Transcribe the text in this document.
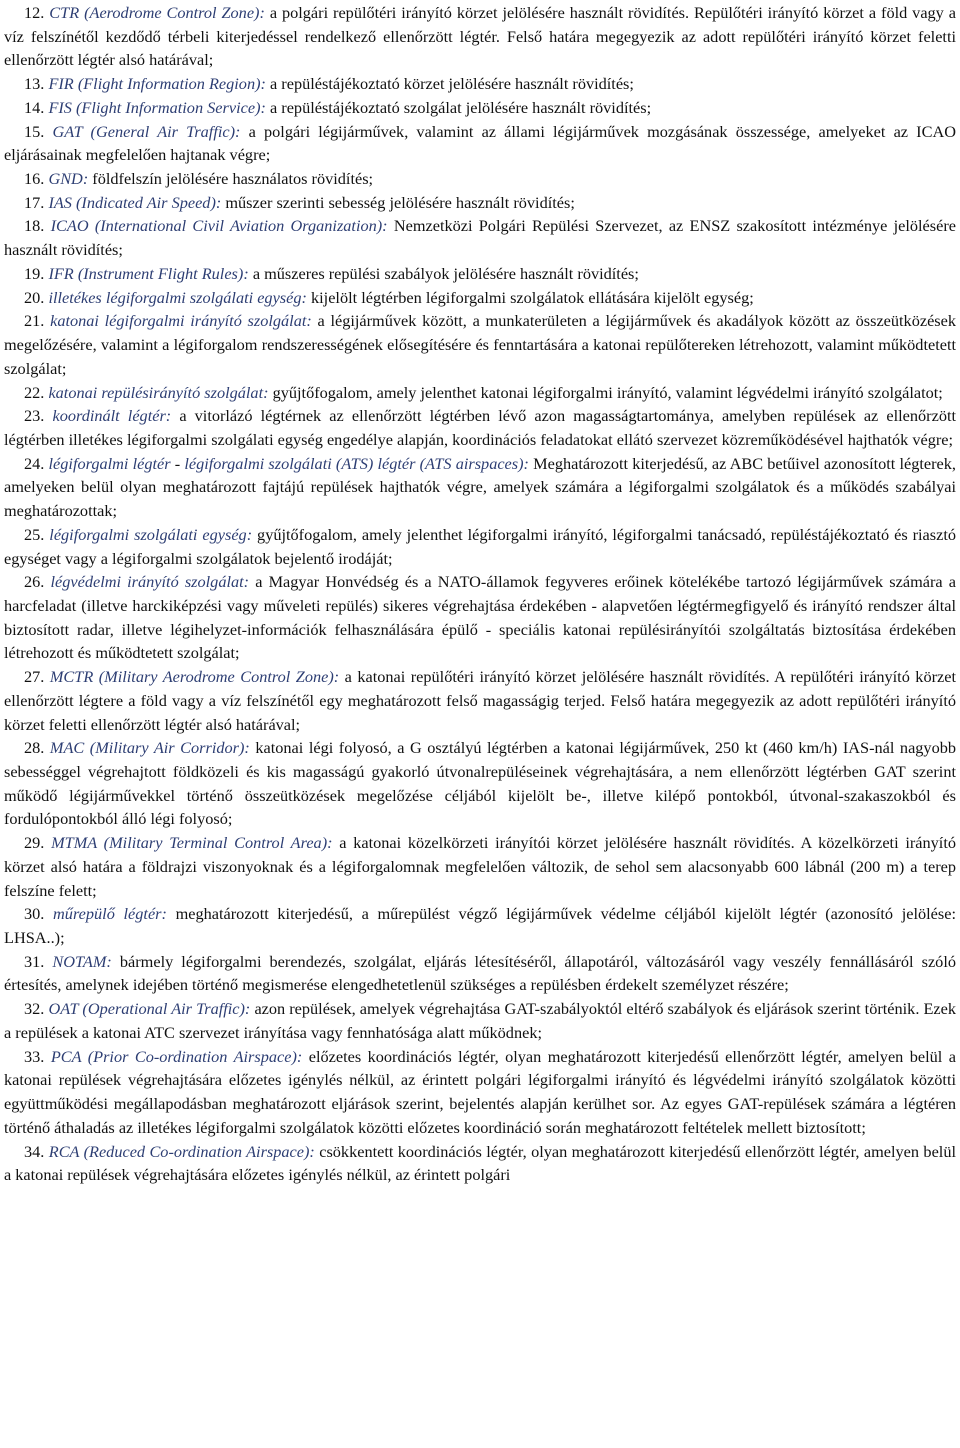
12. CTR (Aerodrome Control Zone): a polgári repülőtéri irányító körzet jelölésére használt rövidítés. Repülőtéri irányító körzet a föld vagy a víz felszínétől kezdődő térbeli kiterjedéssel rendelkező ellenőrzött légtér. Felső határa megegyezik az adott repülőtéri irányító körzet feletti ellenőrzött légtér alsó határával;

13. FIR (Flight Information Region): a repüléstájékoztató körzet jelölésére használt rövidítés;

14. FIS (Flight Information Service): a repüléstájékoztató szolgálat jelölésére használt rövidítés;

15. GAT (General Air Traffic): a polgári légijárművek, valamint az állami légijárművek mozgásának összessége, amelyeket az ICAO eljárásainak megfelelően hajtanak végre;

16. GND: földfelszín jelölésére használatos rövidítés;

17. IAS (Indicated Air Speed): műszer szerinti sebesség jelölésére használt rövidítés;

18. ICAO (International Civil Aviation Organization): Nemzetközi Polgári Repülési Szervezet, az ENSZ szakosított intézménye jelölésére használt rövidítés;

19. IFR (Instrument Flight Rules): a műszeres repülési szabályok jelölésére használt rövidítés;

20. illetékes légiforgalmi szolgálati egység: kijelölt légtérben légiforgalmi szolgálatok ellátására kijelölt egység;

21. katonai légiforgalmi irányító szolgálat: a légijárművek között, a munkaterületen a légijárművek és akadályok között az összeütközések megelőzésére, valamint a légiforgalom rendszerességének elősegítésére és fenntartására a katonai repülőtereken létrehozott, valamint működtetett szolgálat;

22. katonai repülésirányító szolgálat: gyűjtőfogalom, amely jelenthet katonai légiforgalmi irányító, valamint légvédelmi irányító szolgálatot;

23. koordinált légtér: a vitorlázó légtérnek az ellenőrzött légtérben lévő azon magasságtartománya, amelyben repülések az ellenőrzött légtérben illetékes légiforgalmi szolgálati egység engedélye alapján, koordinációs feladatokat ellátó szervezet közreműködésével hajthatók végre;

24. légiforgalmi légtér - légiforgalmi szolgálati (ATS) légtér (ATS airspaces): Meghatározott kiterjedésű, az ABC betűivel azonosított légterek, amelyeken belül olyan meghatározott fajtájú repülések hajthatók végre, amelyek számára a légiforgalmi szolgálatok és a működés szabályai meghatározottak;

25. légiforgalmi szolgálati egység: gyűjtőfogalom, amely jelenthet légiforgalmi irányító, légiforgalmi tanácsadó, repüléstájékoztató és riasztó egységet vagy a légiforgalmi szolgálatok bejelentő irodáját;

26. légvédelmi irányító szolgálat: a Magyar Honvédség és a NATO-államok fegyveres erőinek kötelékébe tartozó légijárművek számára a harcfeladat (illetve harckiképzési vagy műveleti repülés) sikeres végrehajtása érdekében - alapvetően légtérmegfigyelő és irányító rendszer által biztosított radar, illetve légihelyzet-információk felhasználására épülő - speciális katonai repülésirányítói szolgáltatás biztosítása érdekében létrehozott és működtetett szolgálat;

27. MCTR (Military Aerodrome Control Zone): a katonai repülőtéri irányító körzet jelölésére használt rövidítés. A repülőtéri irányító körzet ellenőrzött légtere a föld vagy a víz felszínétől egy meghatározott felső magasságig terjed. Felső határa megegyezik az adott repülőtéri irányító körzet feletti ellenőrzött légtér alsó határával;

28. MAC (Military Air Corridor): katonai légi folyosó, a G osztályú légtérben a katonai légijárművek, 250 kt (460 km/h) IAS-nál nagyobb sebességgel végrehajtott földközeli és kis magasságú gyakorló útvonalrepüléseinek végrehajtására, a nem ellenőrzött légtérben GAT szerint működő légijárművekkel történő összeütközések megelőzése céljából kijelölt be-, illetve kilépő pontokból, útvonal-szakaszokból és fordulópontokból álló légi folyosó;

29. MTMA (Military Terminal Control Area): a katonai közelkörzeti irányítói körzet jelölésére használt rövidítés. A közelkörzeti irányító körzet alsó határa a földrajzi viszonyoknak és a légiforgalomnak megfelelően változik, de sehol sem alacsonyabb 600 lábnál (200 m) a terep felszíne felett;

30. műrepülő légtér: meghatározott kiterjedésű, a műrepülést végző légijárművek védelme céljából kijelölt légtér (azonosító jelölése: LHSA..);

31. NOTAM: bármely légiforgalmi berendezés, szolgálat, eljárás létesítéséről, állapotáról, változásáról vagy veszély fennállásáról szóló értesítés, amelynek idejében történő megismerése elengedhetetlenül szükséges a repülésben érdekelt személyzet részére;

32. OAT (Operational Air Traffic): azon repülések, amelyek végrehajtása GAT-szabályoktól eltérő szabályok és eljárások szerint történik. Ezek a repülések a katonai ATC szervezet irányítása vagy fennhatósága alatt működnek;

33. PCA (Prior Co-ordination Airspace): előzetes koordinációs légtér, olyan meghatározott kiterjedésű ellenőrzött légtér, amelyen belül a katonai repülések végrehajtására előzetes igénylés nélkül, az érintett polgári légiforgalmi irányító és légvédelmi irányító szolgálatok közötti együttműködési megállapodásban meghatározott eljárások szerint, bejelentés alapján kerülhet sor. Az egyes GAT-repülések számára a légtéren történő áthaladás az illetékes légiforgalmi szolgálatok közötti előzetes koordináció során meghatározott feltételek mellett biztosított;

34. RCA (Reduced Co-ordination Airspace): csökkentett koordinációs légtér, olyan meghatározott kiterjedésű ellenőrzött légtér, amelyen belül a katonai repülések végrehajtására előzetes igénylés nélkül, az érintett polgári
